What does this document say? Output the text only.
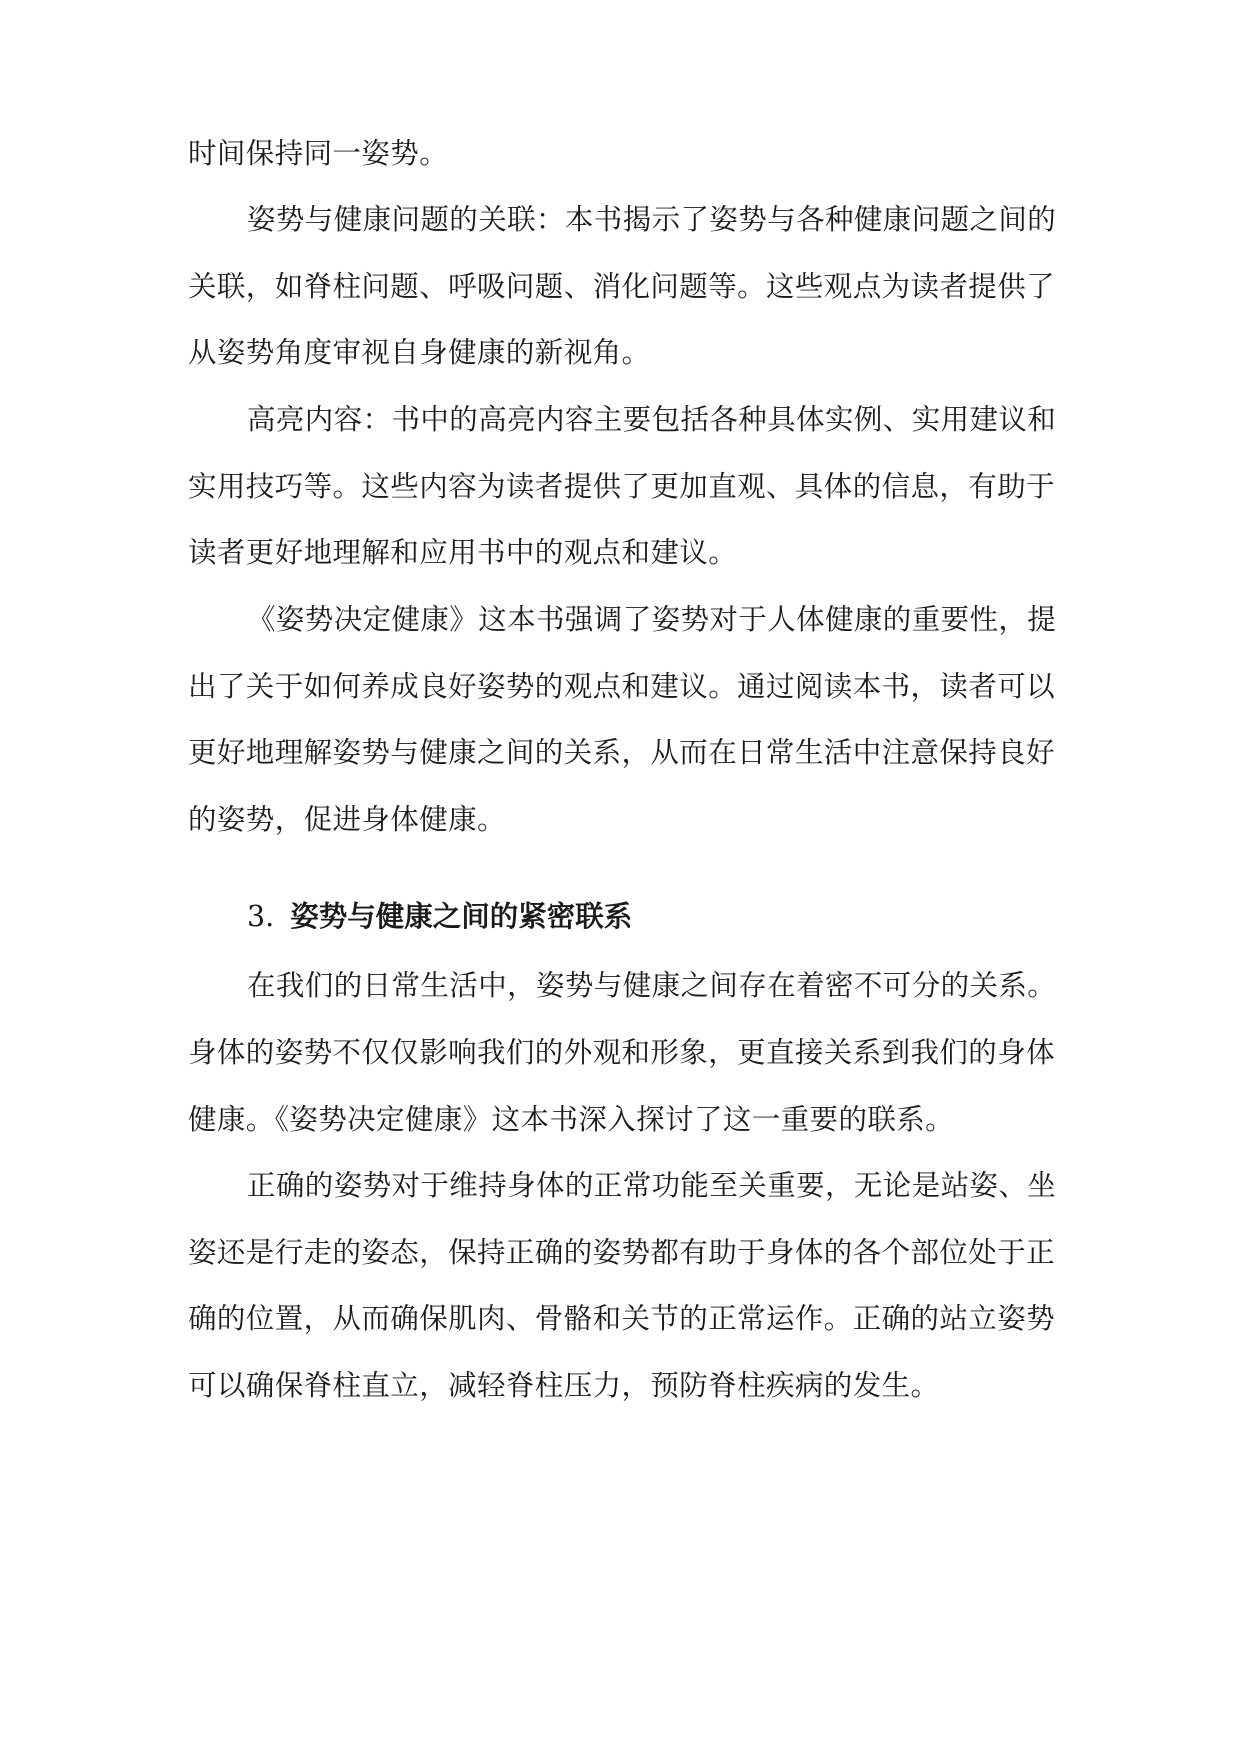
时间保持同一姿势。
姿势与健康问题的关联：本书揭示了姿势与各种健康问题之间的
关联，如脊柱问题、呼吸问题、消化问题等。这些观点为读者提供了
从姿势角度审视自身健康的新视角。
高亮内容：书中的高亮内容主要包括各种具体实例、实用建议和
实用技巧等。这些内容为读者提供了更加直观、具体的信息，有助于
读者更好地理解和应用书中的观点和建议。
《姿势决定健康》这本书强调了姿势对于人体健康的重要性，提
出了关于如何养成良好姿势的观点和建议。通过阅读本书，读者可以
更好地理解姿势与健康之间的关系，从而在日常生活中注意保持良好
的姿势，促进身体健康。
3. 姿势与健康之间的紧密联系
在我们的日常生活中，姿势与健康之间存在着密不可分的关系。
身体的姿势不仅仅影响我们的外观和形象，更直接关系到我们的身体
健康。《姿势决定健康》这本书深入探讨了这一重要的联系。
正确的姿势对于维持身体的正常功能至关重要，无论是站姿、坐
姿还是行走的姿态，保持正确的姿势都有助于身体的各个部位处于正
确的位置，从而确保肌肉、骨骼和关节的正常运作。正确的站立姿势
可以确保脊柱直立，减轻脊柱压力，预防脊柱疾病的发生。
